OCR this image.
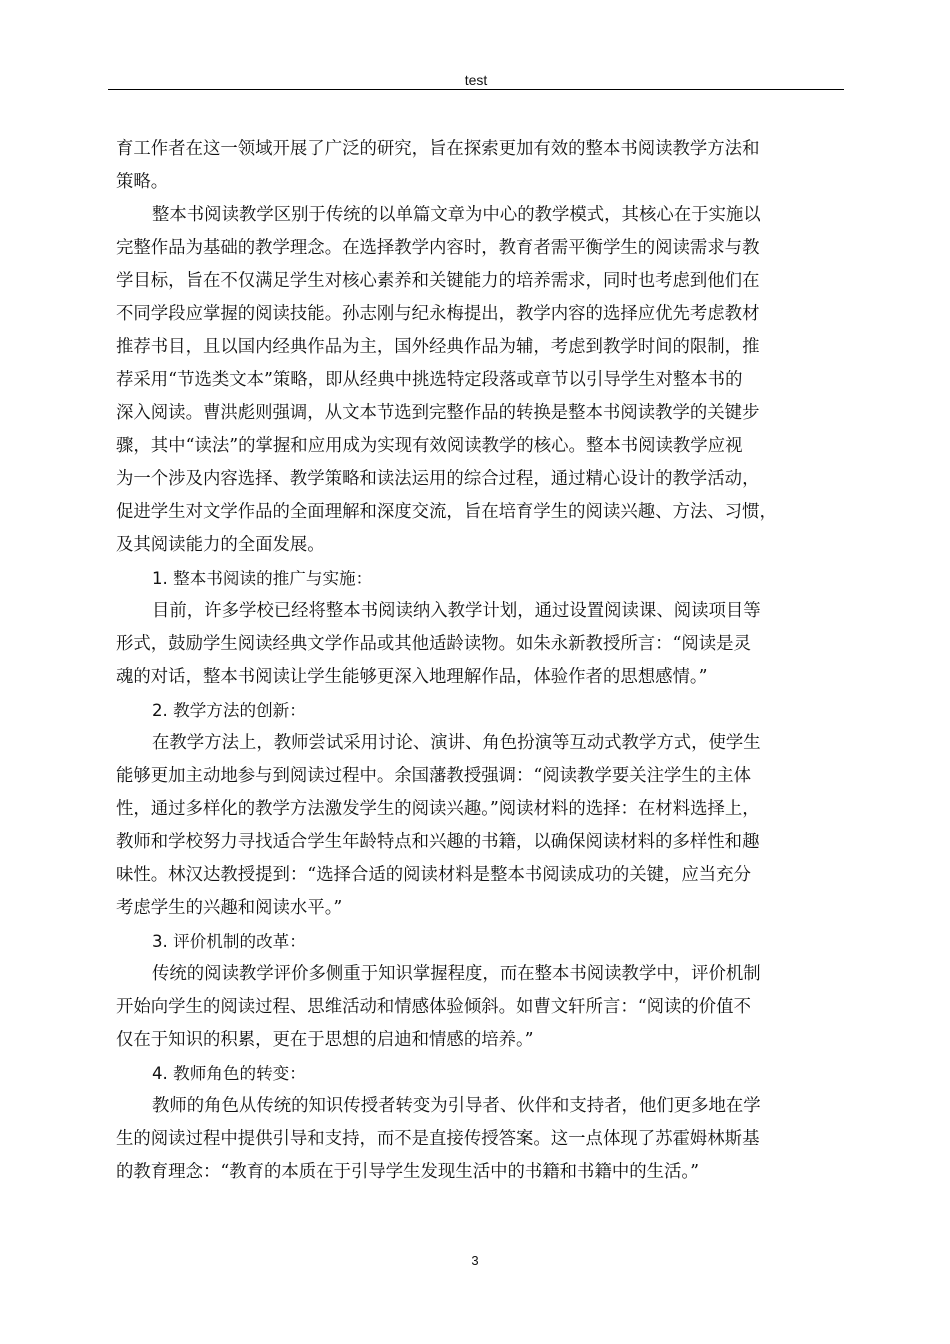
test
育工作者在这一领域开展了广泛的研究，旨在探索更加有效的整本书阅读教学方法和
策略。
整本书阅读教学区别于传统的以单篇文章为中心的教学模式，其核心在于实施以
完整作品为基础的教学理念。在选择教学内容时，教育者需平衡学生的阅读需求与教
学目标，旨在不仅满足学生对核心素养和关键能力的培养需求，同时也考虑到他们在
不同学段应掌握的阅读技能。孙志刚与纪永梅提出，教学内容的选择应优先考虑教材
推荐书目，且以国内经典作品为主，国外经典作品为辅，考虑到教学时间的限制，推
荐采用“节选类文本”策略，即从经典中挑选特定段落或章节以引导学生对整本书的
深入阅读。曹洪彪则强调，从文本节选到完整作品的转换是整本书阅读教学的关键步
骤，其中“读法”的掌握和应用成为实现有效阅读教学的核心。整本书阅读教学应视
为一个涉及内容选择、教学策略和读法运用的综合过程，通过精心设计的教学活动，
促进学生对文学作品的全面理解和深度交流，旨在培育学生的阅读兴趣、方法、习惯，
及其阅读能力的全面发展。
1. 整本书阅读的推广与实施：
目前，许多学校已经将整本书阅读纳入教学计划，通过设置阅读课、阅读项目等
形式，鼓励学生阅读经典文学作品或其他适龄读物。如朱永新教授所言：“阅读是灵
魂的对话，整本书阅读让学生能够更深入地理解作品，体验作者的思想感情。”
2. 教学方法的创新：
在教学方法上，教师尝试采用讨论、演讲、角色扮演等互动式教学方式，使学生
能够更加主动地参与到阅读过程中。余国藩教授强调：“阅读教学要关注学生的主体
性，通过多样化的教学方法激发学生的阅读兴趣。”阅读材料的选择：在材料选择上，
教师和学校努力寻找适合学生年龄特点和兴趣的书籍，以确保阅读材料的多样性和趣
味性。林汉达教授提到：“选择合适的阅读材料是整本书阅读成功的关键，应当充分
考虑学生的兴趣和阅读水平。”
3. 评价机制的改革：
传统的阅读教学评价多侧重于知识掌握程度，而在整本书阅读教学中，评价机制
开始向学生的阅读过程、思维活动和情感体验倾斜。如曹文轩所言：“阅读的价值不
仅在于知识的积累，更在于思想的启迪和情感的培养。”
4. 教师角色的转变：
教师的角色从传统的知识传授者转变为引导者、伙伴和支持者，他们更多地在学
生的阅读过程中提供引导和支持，而不是直接传授答案。这一点体现了苏霍姆林斯基
的教育理念：“教育的本质在于引导学生发现生活中的书籍和书籍中的生活。”
3
